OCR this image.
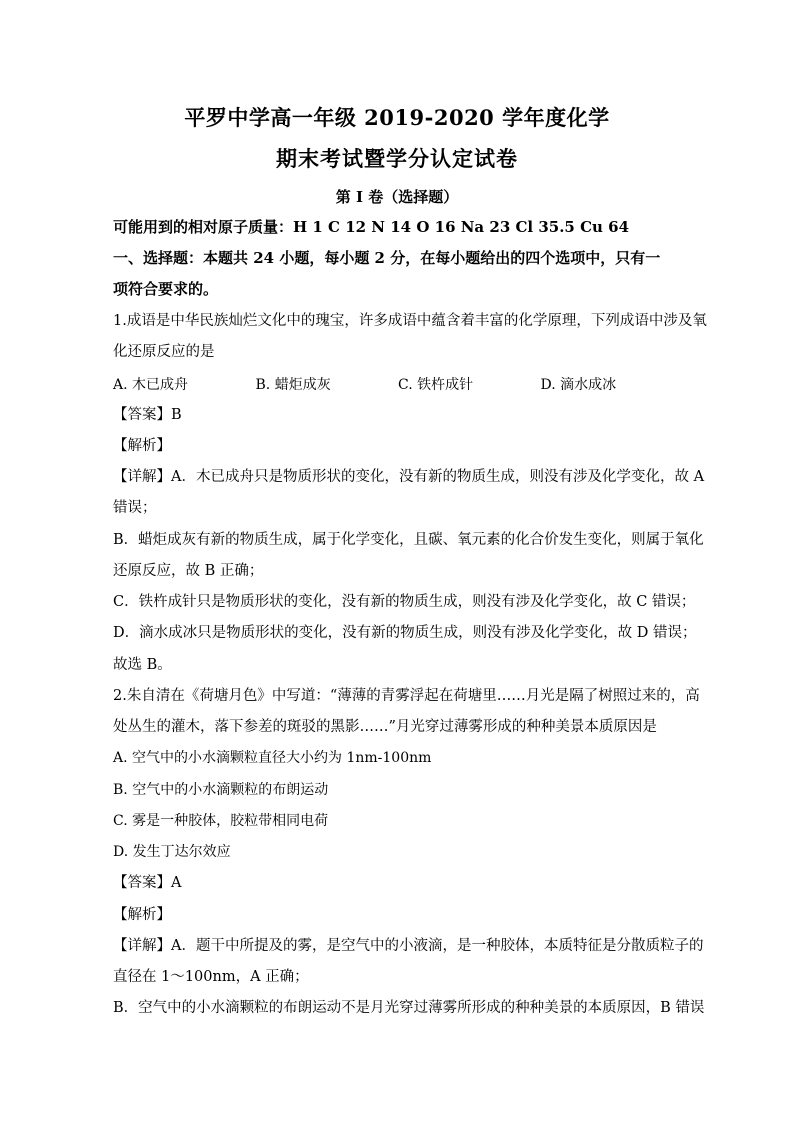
平罗中学高一年级 2019-2020 学年度化学
期末考试暨学分认定试卷
第 I 卷（选择题）
可能用到的相对原子质量：H 1 C 12 N 14 O 16 Na 23 Cl 35.5 Cu 64
一、选择题：本题共 24 小题，每小题 2 分，在每小题给出的四个选项中，只有一
项符合要求的。
1.成语是中华民族灿烂文化中的瑰宝，许多成语中蕴含着丰富的化学原理，下列成语中涉及氧
化还原反应的是
A. 木已成舟	B. 蜡炬成灰	C. 铁杵成针	D. 滴水成冰
【答案】B
【解析】
【详解】A．木已成舟只是物质形状的变化，没有新的物质生成，则没有涉及化学变化，故 A
错误；
B．蜡炬成灰有新的物质生成，属于化学变化，且碳、氧元素的化合价发生变化，则属于氧化
还原反应，故 B 正确；
C．铁杵成针只是物质形状的变化，没有新的物质生成，则没有涉及化学变化，故 C 错误；
D．滴水成冰只是物质形状的变化，没有新的物质生成，则没有涉及化学变化，故 D 错误；
故选 B。
2.朱自清在《荷塘月色》中写道：“薄薄的青雾浮起在荷塘里……月光是隔了树照过来的，高
处丛生的灌木，落下参差的斑驳的黑影……”月光穿过薄雾形成的种种美景本质原因是
A. 空气中的小水滴颗粒直径大小约为 1nm-100nm
B. 空气中的小水滴颗粒的布朗运动
C. 雾是一种胶体，胶粒带相同电荷
D. 发生丁达尔效应
【答案】A
【解析】
【详解】A．题干中所提及的雾，是空气中的小液滴，是一种胶体，本质特征是分散质粒子的
直径在 1～100nm，A 正确；
B．空气中的小水滴颗粒的布朗运动不是月光穿过薄雾所形成的种种美景的本质原因，B 错误
